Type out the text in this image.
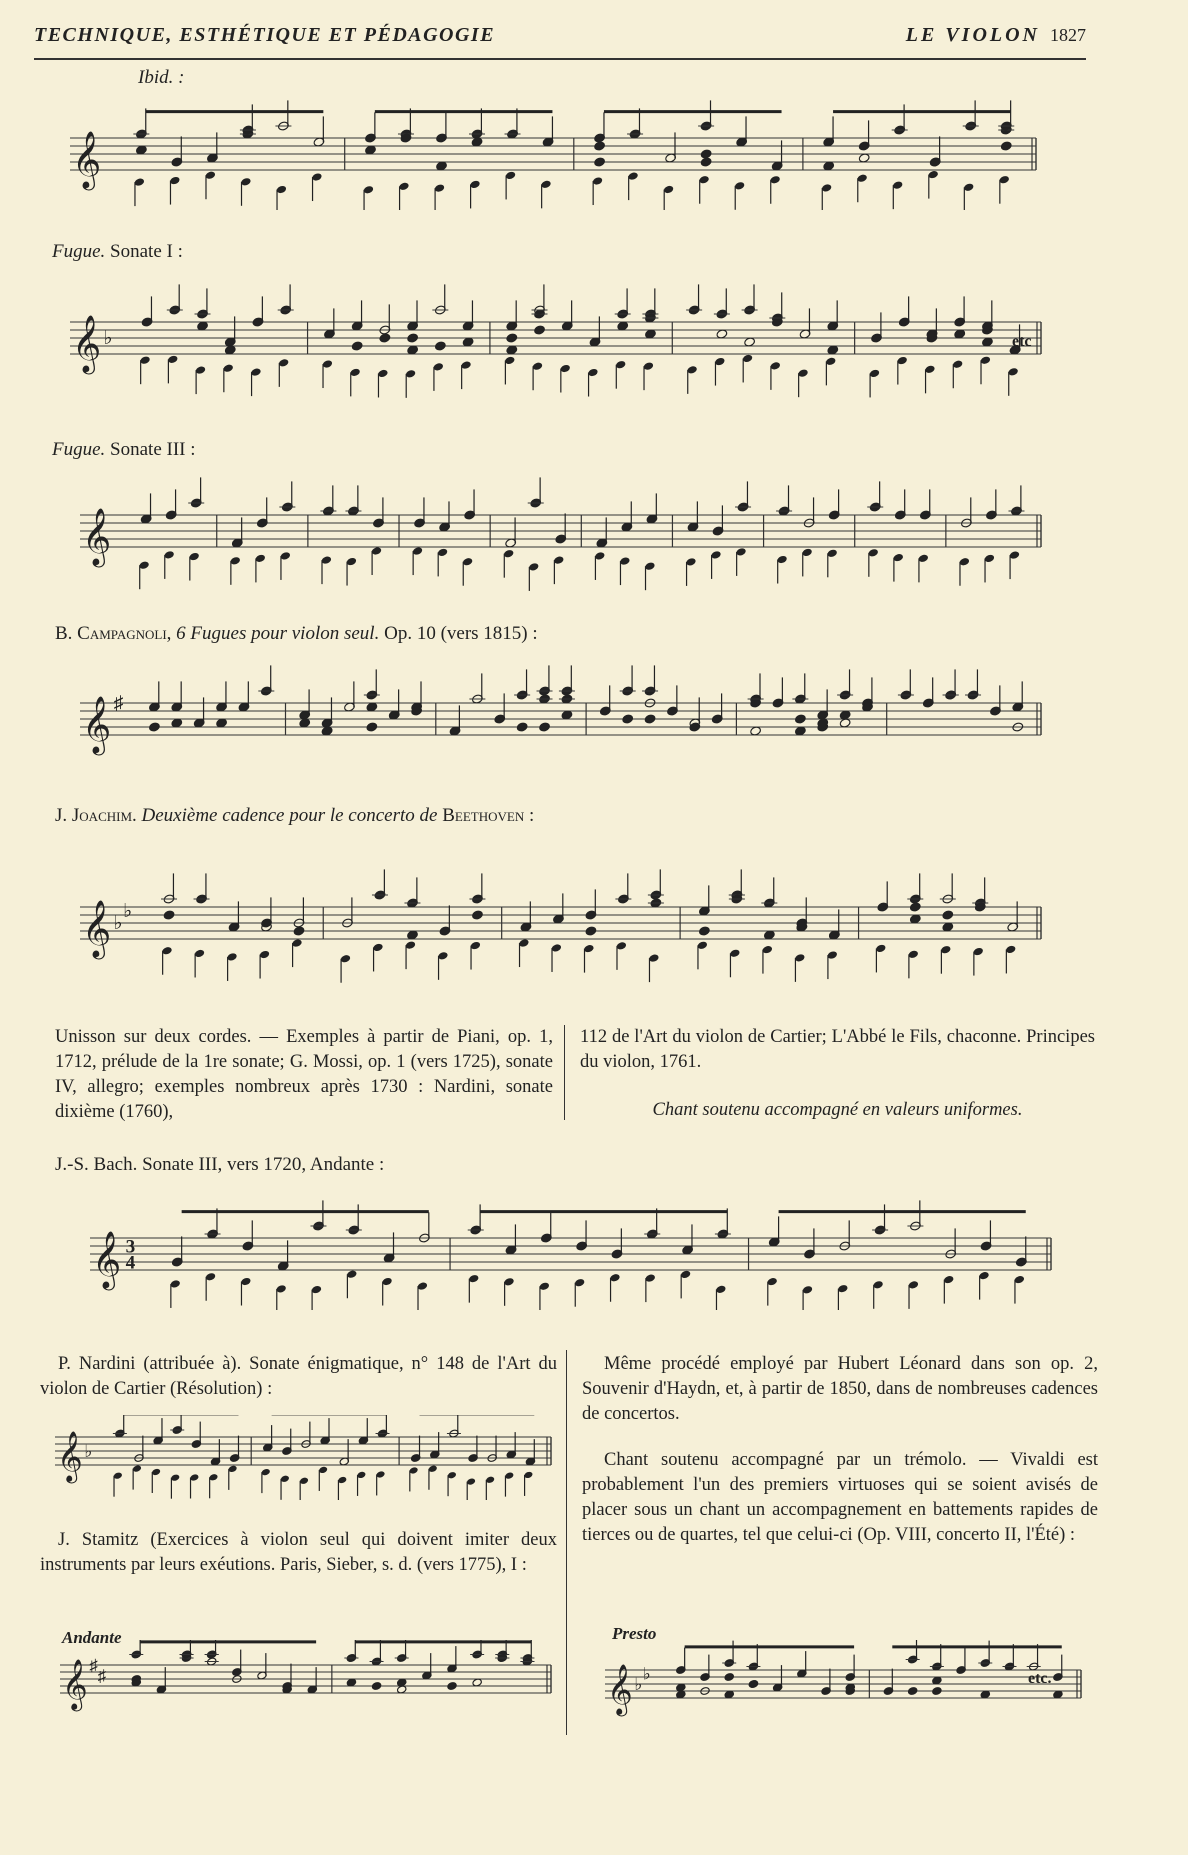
TECHNIQUE, ESTHÉTIQUE ET PÉDAGOGIE	LE VIOLON 1827
Ibid. :
𝄞
Fugue. Sonate I :
𝄞 ♭	etc
Fugue. Sonate III :
𝄞
B. Campagnoli, 6 Fugues pour violon seul. Op. 10 (vers 1815) :
𝄞 ♯
J. Joachim. Deuxième cadence pour le concerto de Beethoven :
𝄞 ♭
♭
Unisson sur deux cordes. — Exemples à partir de Piani, op. 1, 1712, prélude de la 1re sonate; G. Mossi, op. 1 (vers 1725), sonate IV, allegro; exemples nombreux après 1730 : Nardini, sonate dixième (1760),
112 de l'Art du violon de Cartier; L'Abbé le Fils, chaconne. Principes du violon, 1761.
Chant soutenu accompagné en valeurs uniformes.
J.-S. Bach. Sonate III, vers 1720, Andante :
𝄞 3
4
P. Nardini (attribuée à). Sonate énigmatique, n° 148 de l'Art du violon de Cartier (Résolution) :
𝄞 ♭
J. Stamitz (Exercices à violon seul qui doivent imiter deux instruments par leurs exéutions. Paris, Sieber, s. d. (vers 1775), I :
Andante
𝄞 ♯
♯
Même procédé employé par Hubert Léonard dans son op. 2, Souvenir d'Haydn, et, à partir de 1850, dans de nombreuses cadences de concertos.
Chant soutenu accompagné par un trémolo. — Vivaldi est probablement l'un des premiers virtuoses qui se soient avisés de placer sous un chant un accompagnement en battements rapides de tierces ou de quartes, tel que celui-ci (Op. VIII, concerto II, l'Été) :
Presto
𝄞 ♭
♭	etc.
